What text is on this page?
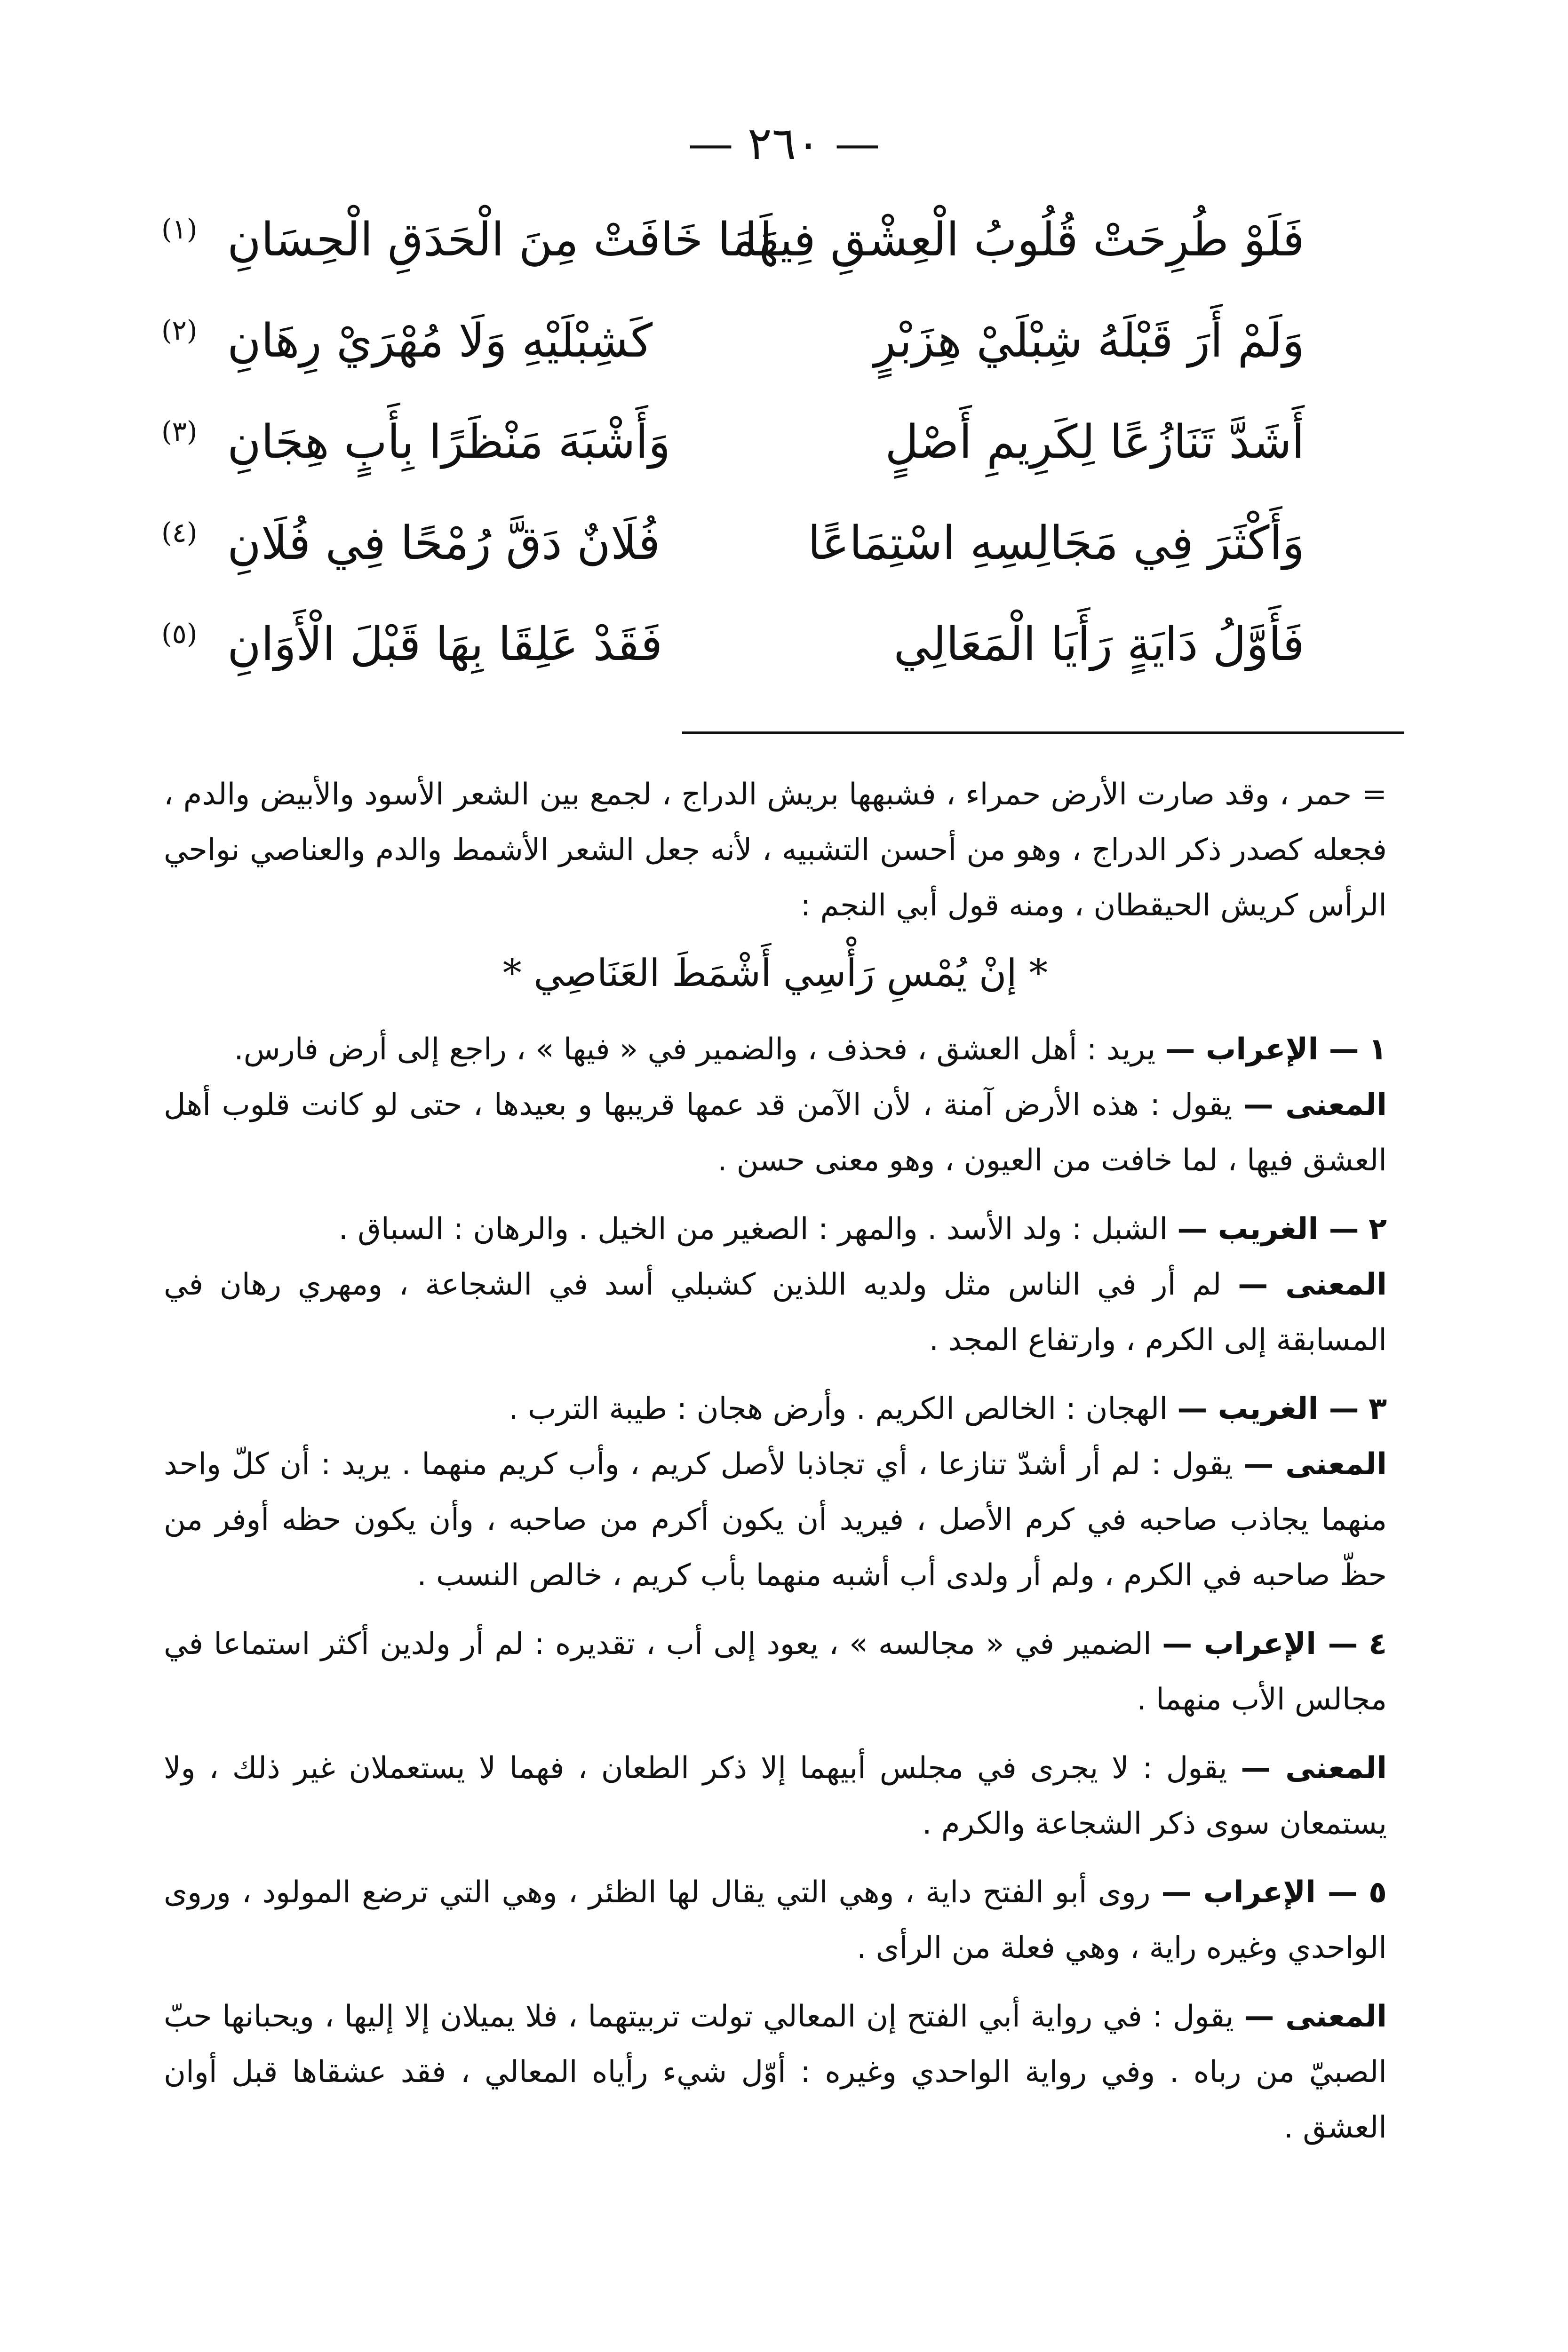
— ٢٦٠ —
فَلَوْ طُرِحَتْ قُلُوبُ الْعِشْقِ فِيهَا
لَمَا خَافَتْ مِنَ الْحَدَقِ الْحِسَانِ
(١)
وَلَمْ أَرَ قَبْلَهُ شِبْلَيْ هِزَبْرٍ
كَشِبْلَيْهِ وَلَا مُهْرَيْ رِهَانِ
(٢)
أَشَدَّ تَنَازُعًا لِكَرِيمِ أَصْلٍ
وَأَشْبَهَ مَنْظَرًا بِأَبٍ هِجَانِ
(٣)
وَأَكْثَرَ فِي مَجَالِسِهِ اسْتِمَاعًا
فُلَانٌ دَقَّ رُمْحًا فِي فُلَانِ
(٤)
فَأَوَّلُ دَايَةٍ رَأَيَا الْمَعَالِي
فَقَدْ عَلِقَا بِهَا قَبْلَ الْأَوَانِ
(٥)

= حمر ، وقد صارت الأرض حمراء ، فشبهها بريش الدراج ، لجمع بين الشعر الأسود والأبيض والدم ، فجعله كصدر ذكر الدراج ، وهو من أحسن التشبيه ، لأنه جعل الشعر الأشمط والدم والعناصي نواحي الرأس كريش الحيقطان ، ومنه قول أبي النجم :

* إنْ يُمْسِ رَأْسِي أَشْمَطَ العَنَاصِي *

١ — الإعراب — يريد : أهل العشق ، فحذف ، والضمير في « فيها » ، راجع إلى أرض فارس.

المعنى — يقول : هذه الأرض آمنة ، لأن الآمن قد عمها قريبها و بعيدها ، حتى لو كانت قلوب أهل العشق فيها ، لما خافت من العيون ، وهو معنى حسن .

٢ — الغريب — الشبل : ولد الأسد . والمهر : الصغير من الخيل . والرهان : السباق .

المعنى — لم أر في الناس مثل ولديه اللذين كشبلي أسد في الشجاعة ، ومهري رهان في المسابقة إلى الكرم ، وارتفاع المجد .

٣ — الغريب — الهجان : الخالص الكريم . وأرض هجان : طيبة الترب .

المعنى — يقول : لم أر أشدّ تنازعا ، أي تجاذبا لأصل كريم ، وأب كريم منهما . يريد : أن كلّ واحد منهما يجاذب صاحبه في كرم الأصل ، فيريد أن يكون أكرم من صاحبه ، وأن يكون حظه أوفر من حظّ صاحبه في الكرم ، ولم أر ولدى أب أشبه منهما بأب كريم ، خالص النسب .

٤ — الإعراب — الضمير في « مجالسه » ، يعود إلى أب ، تقديره : لم أر ولدين أكثر استماعا في مجالس الأب منهما .

المعنى — يقول : لا يجرى في مجلس أبيهما إلا ذكر الطعان ، فهما لا يستعملان غير ذلك ، ولا يستمعان سوى ذكر الشجاعة والكرم .

٥ — الإعراب — روى أبو الفتح داية ، وهي التي يقال لها الظئر ، وهي التي ترضع المولود ، وروى الواحدي وغيره راية ، وهي فعلة من الرأى .

المعنى — يقول : في رواية أبي الفتح إن المعالي تولت تربيتهما ، فلا يميلان إلا إليها ، ويحبانها حبّ الصبيّ من رباه . وفي رواية الواحدي وغيره : أوّل شيء رأياه المعالي ، فقد عشقاها قبل أوان العشق .
